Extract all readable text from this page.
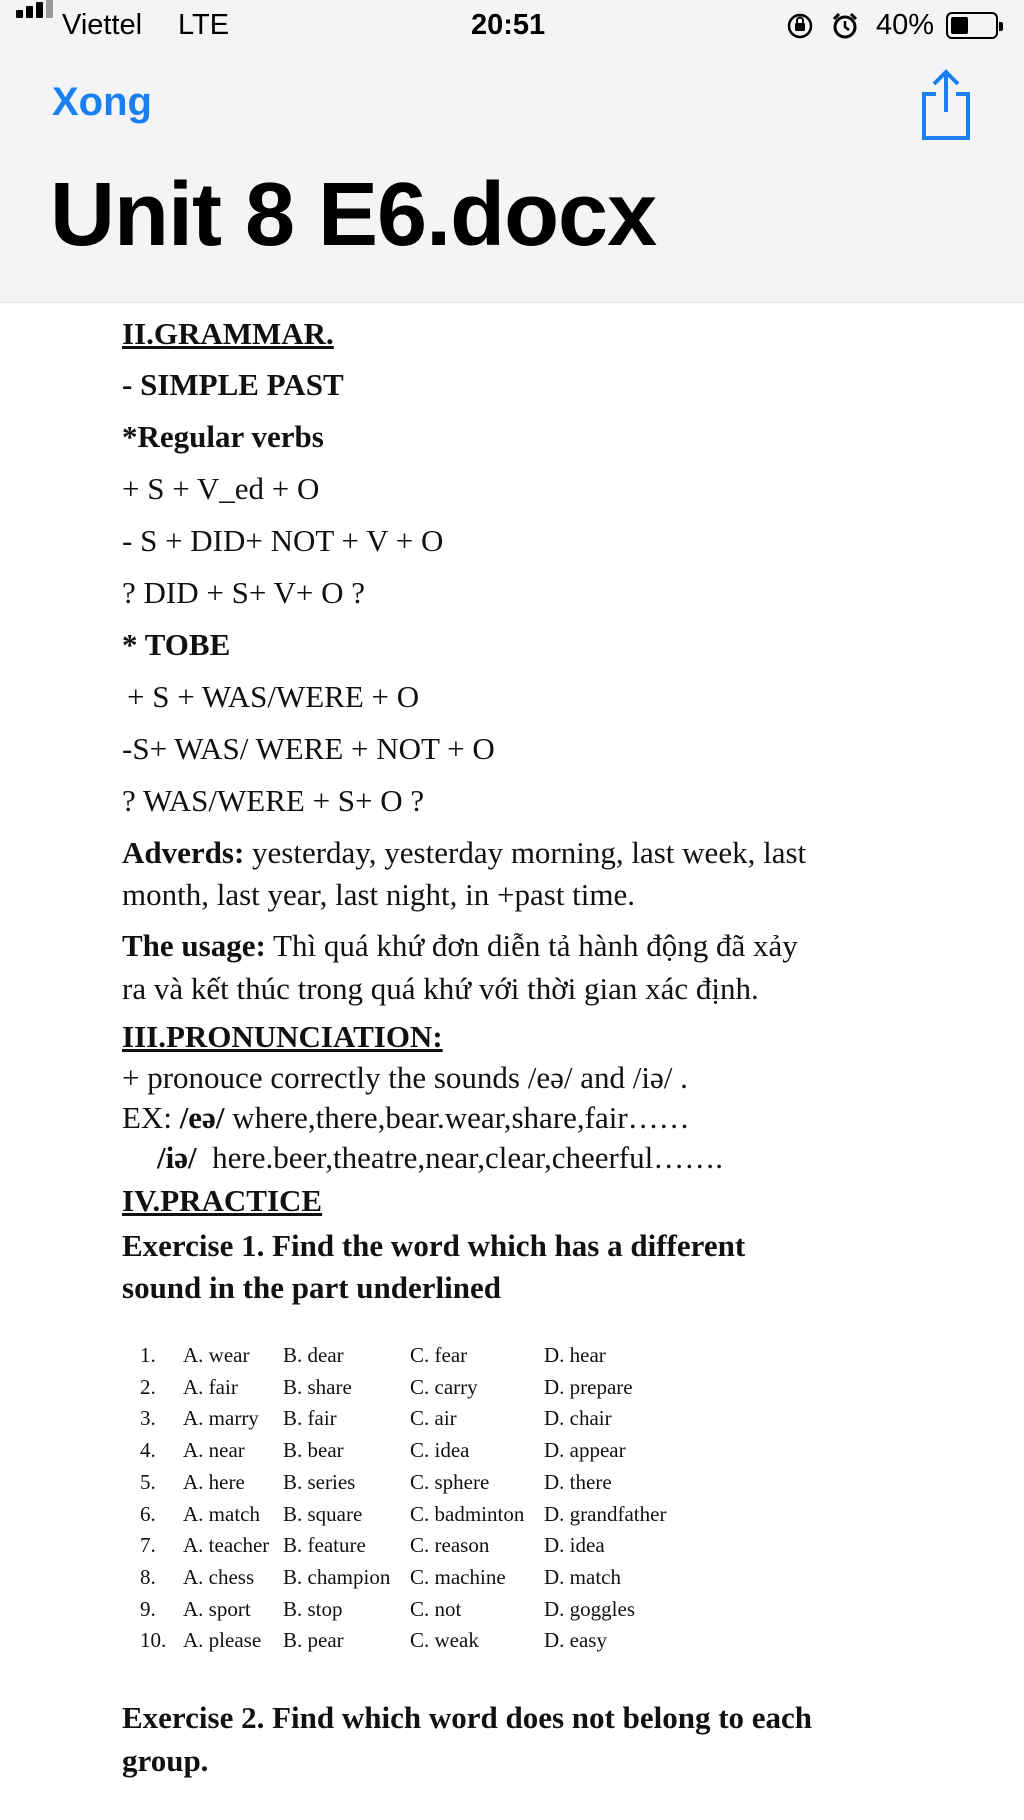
Viettel LTE	20:51	40%
Xong
Unit 8 E6.docx
II.GRAMMAR.
- SIMPLE PAST
*Regular verbs
+ S + V_ed + O
- S + DID+ NOT + V + O
? DID + S+ V+ O ?
* TOBE
+ S + WAS/WERE + O
-S+ WAS/ WERE + NOT + O
? WAS/WERE + S+ O ?
Adverds: yesterday, yesterday morning, last week, last
month, last year, last night, in +past time.
The usage: Thì quá khứ đơn diễn tả hành động đã xảy
ra và kết thúc trong quá khứ với thời gian xác định.
III.PRONUNCIATION:
+ pronouce correctly the sounds /eə/ and /iə/ .
EX: /eə/ where,there,bear.wear,share,fair……
/iə/ here.beer,theatre,near,clear,cheerful…….
IV.PRACTICE
Exercise 1. Find the word which has a different
sound in the part underlined
1. A. wear B. dear	C. fear	D. hear
2. A. fair B. share	C. carry	D. prepare
3. A. marry B. fair	C. air	D. chair
4. A. near B. bear	C. idea	D. appear
5. A. here B. series	C. sphere	D. there
6. A. match B. square C. badminton D. grandfather
7. A. teacher B. feature C. reason	D. idea
8. A. chess B. champion C. machine D. match
9. A. sport B. stop	C. not	D. goggles
10. A. please B. pear	C. weak	D. easy
Exercise 2. Find which word does not belong to each
group.
